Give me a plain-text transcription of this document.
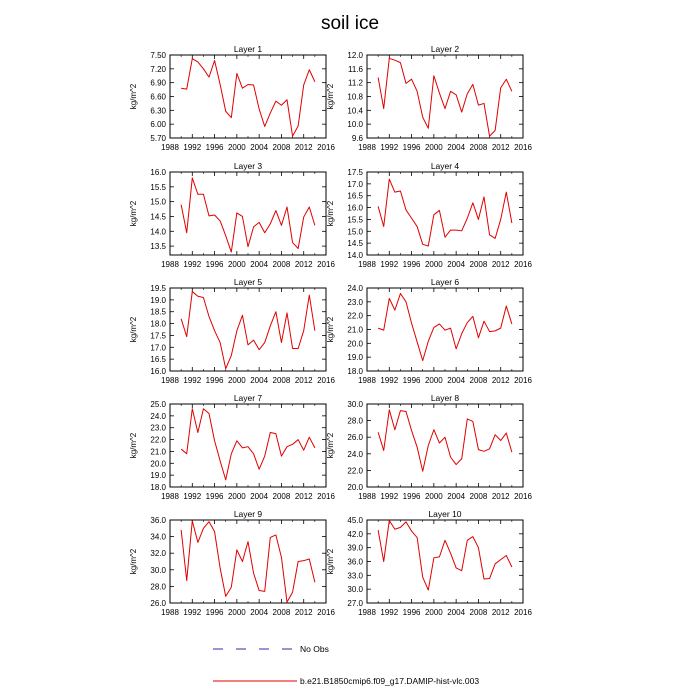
soil ice
Layer 1
1988 1992 1996 2000 2004 2008 2012 2016
5.70
6.00
6.30
6.60
6.90
7.20
7.50
kg/m^2
Layer 2
1988 1992 1996 2000 2004 2008 2012 2016
9.6
10.0
10.4
10.8
11.2
11.6
12.0
kg/m^2
Layer 3
1988 1992 1996 2000 2004 2008 2012 2016
13.5
14.0
14.5
15.0
15.5
16.0
kg/m^2
Layer 4
1988 1992 1996 2000 2004 2008 2012 2016
14.0
14.5
15.0
15.5
16.0
16.5
17.0
17.5
kg/m^2
Layer 5
1988 1992 1996 2000 2004 2008 2012 2016
16.0
16.5
17.0
17.5
18.0
18.5
19.0
19.5
kg/m^2
Layer 6
1988 1992 1996 2000 2004 2008 2012 2016
18.0
19.0
20.0
21.0
22.0
23.0
24.0
kg/m^2
Layer 7
1988 1992 1996 2000 2004 2008 2012 2016
18.0
19.0
20.0
21.0
22.0
23.0
24.0
25.0
kg/m^2
Layer 8
1988 1992 1996 2000 2004 2008 2012 2016
20.0
22.0
24.0
26.0
28.0
30.0
kg/m^2
Layer 9
1988 1992 1996 2000 2004 2008 2012 2016
26.0
28.0
30.0
32.0
34.0
36.0
kg/m^2
Layer 10
1988 1992 1996 2000 2004 2008 2012 2016
27.0
30.0
33.0
36.0
39.0
42.0
45.0
kg/m^2
No Obs
b.e21.B1850cmip6.f09_g17.DAMIP-hist-vlc.003
